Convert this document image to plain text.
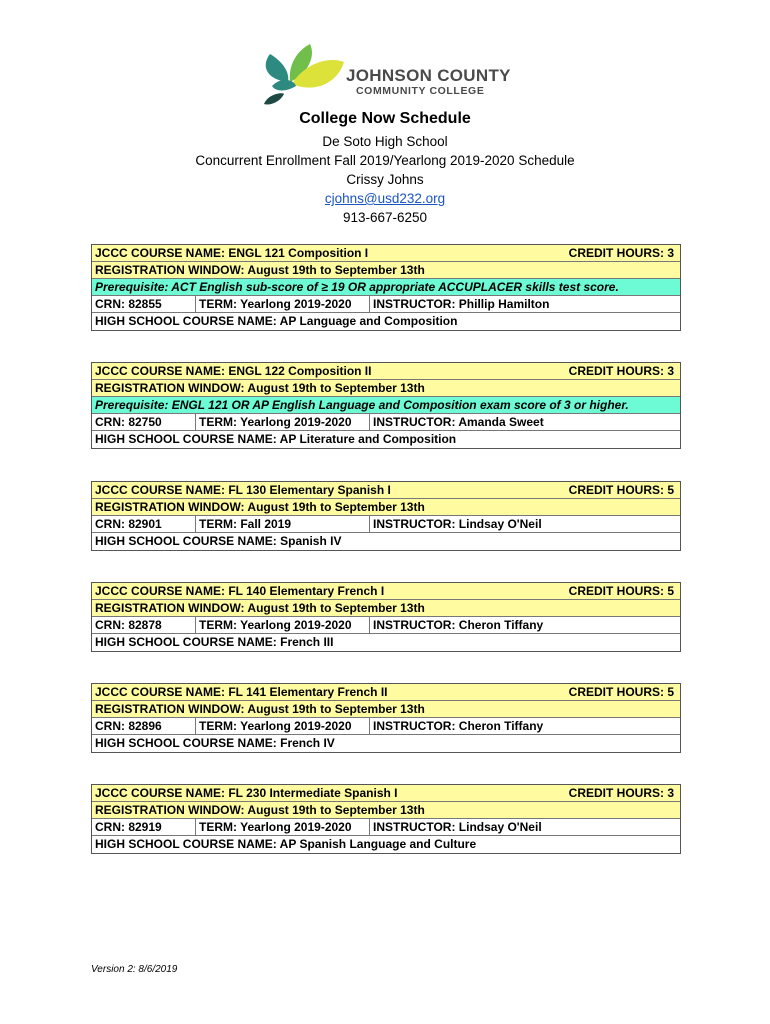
JOHNSON COUNTY
COMMUNITY COLLEGE
College Now Schedule
De Soto High School
Concurrent Enrollment Fall 2019/Yearlong 2019-2020 Schedule
Crissy Johns
cjohns@usd232.org
913-667-6250
JCCC COURSE NAME: ENGL 121 Composition I	CREDIT HOURS: 3
REGISTRATION WINDOW: August 19th to September 13th
Prerequisite: ACT English sub-score of ≥ 19 OR appropriate ACCUPLACER skills test score.
CRN: 82855	TERM: Yearlong 2019-2020	INSTRUCTOR: Phillip Hamilton
HIGH SCHOOL COURSE NAME: AP Language and Composition
JCCC COURSE NAME: ENGL 122 Composition II	CREDIT HOURS: 3
REGISTRATION WINDOW: August 19th to September 13th
Prerequisite: ENGL 121 OR AP English Language and Composition exam score of 3 or higher.
CRN: 82750	TERM: Yearlong 2019-2020	INSTRUCTOR: Amanda Sweet
HIGH SCHOOL COURSE NAME: AP Literature and Composition
JCCC COURSE NAME: FL 130 Elementary Spanish I	CREDIT HOURS: 5
REGISTRATION WINDOW: August 19th to September 13th
CRN: 82901	TERM: Fall 2019	INSTRUCTOR: Lindsay O'Neil
HIGH SCHOOL COURSE NAME: Spanish IV
JCCC COURSE NAME: FL 140 Elementary French I	CREDIT HOURS: 5
REGISTRATION WINDOW: August 19th to September 13th
CRN: 82878	TERM: Yearlong 2019-2020	INSTRUCTOR: Cheron Tiffany
HIGH SCHOOL COURSE NAME: French III
JCCC COURSE NAME: FL 141 Elementary French II	CREDIT HOURS: 5
REGISTRATION WINDOW: August 19th to September 13th
CRN: 82896	TERM: Yearlong 2019-2020	INSTRUCTOR: Cheron Tiffany
HIGH SCHOOL COURSE NAME: French IV
JCCC COURSE NAME: FL 230 Intermediate Spanish I	CREDIT HOURS: 3
REGISTRATION WINDOW: August 19th to September 13th
CRN: 82919	TERM: Yearlong 2019-2020	INSTRUCTOR: Lindsay O'Neil
HIGH SCHOOL COURSE NAME: AP Spanish Language and Culture
Version 2: 8/6/2019
